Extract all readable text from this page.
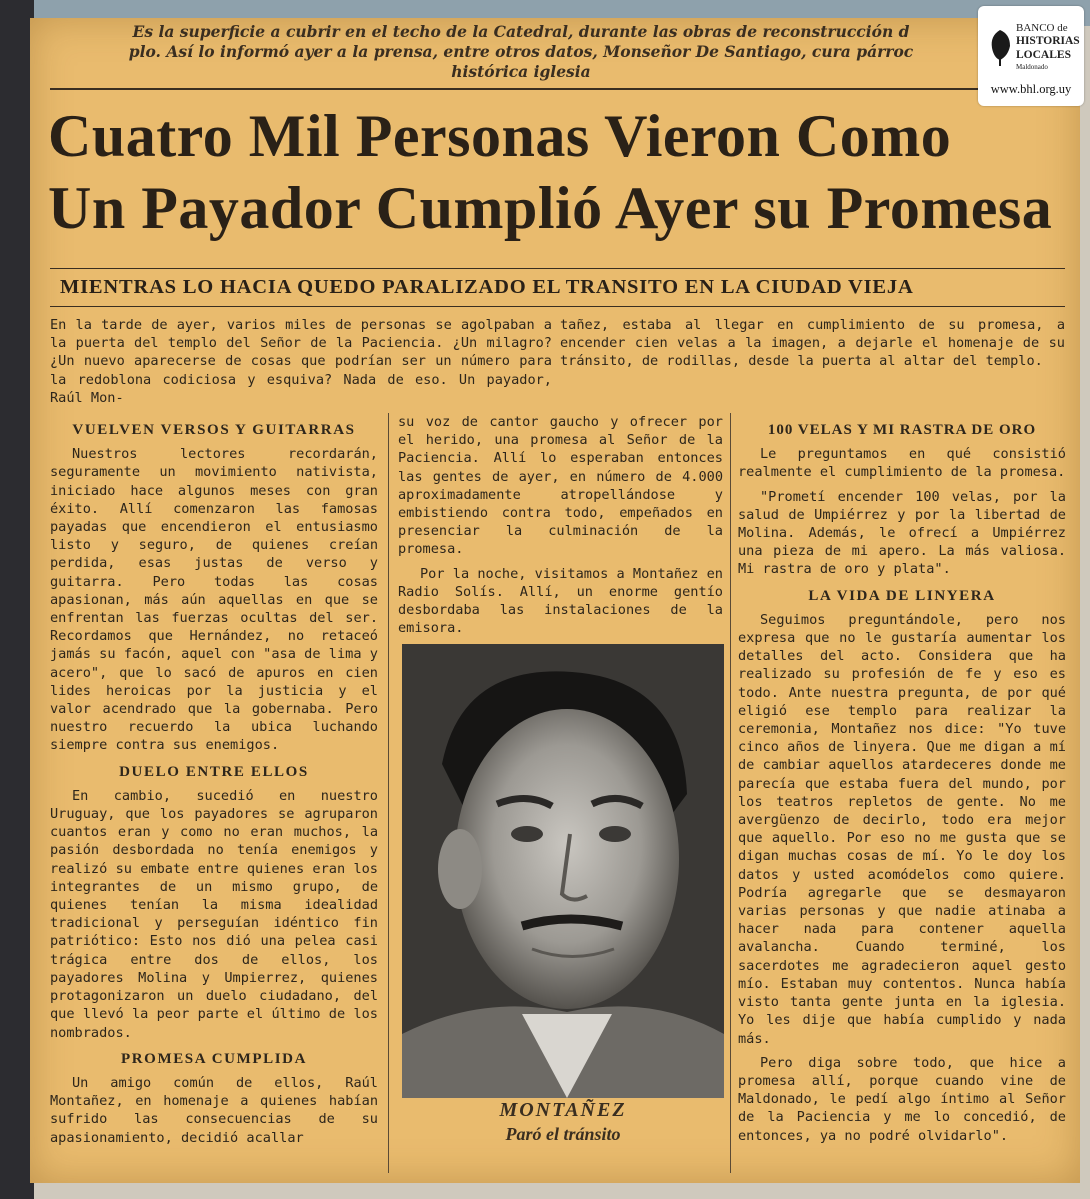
Es la superficie a cubrir en el techo de la Catedral, durante las obras de reconstrucción d
plo. Así lo informó ayer a la prensa, entre otros datos, Monseñor De Santiago, cura párroc
histórica iglesia
Cuatro Mil Personas Vieron Como
Un Payador Cumplió Ayer su Promesa
MIENTRAS LO HACIA QUEDO PARALIZADO EL TRANSITO EN LA CIUDAD VIEJA
En la tarde de ayer, varios miles de personas se agolpaban a la puerta del templo del Señor de la Paciencia. ¿Un milagro? ¿Un nuevo aparecerse de cosas que podrían ser un número para la redoblona codiciosa y esquiva? Nada de eso. Un payador, Raúl Mon-
tañez, estaba al llegar en cumplimiento de su promesa, a encender cien velas a la imagen, a dejarle el homenaje de su tránsito, de rodillas, desde la puerta al altar del templo.
VUELVEN VERSOS Y GUITARRAS
Nuestros lectores recordarán, seguramente un movimiento nativista, iniciado hace algunos meses con gran éxito. Allí comenzaron las famosas payadas que encendieron el entusiasmo listo y seguro, de quienes creían perdida, esas justas de verso y guitarra. Pero todas las cosas apasionan, más aún aquellas en que se enfrentan las fuerzas ocultas del ser. Recordamos que Hernández, no retaceó jamás su facón, aquel con "asa de lima y acero", que lo sacó de apuros en cien lides heroicas por la justicia y el valor acendrado que la gobernaba. Pero nuestro recuerdo la ubica luchando siempre contra sus enemigos.
DUELO ENTRE ELLOS
En cambio, sucedió en nuestro Uruguay, que los payadores se agruparon cuantos eran y como no eran muchos, la pasión desbordada no tenía enemigos y realizó su embate entre quienes eran los integrantes de un mismo grupo, de quienes tenían la misma idealidad tradicional y perseguían idéntico fin patriótico: Esto nos dió una pelea casi trágica entre dos de ellos, los payadores Molina y Umpierrez, quienes protagonizaron un duelo ciudadano, del que llevó la peor parte el último de los nombrados.
PROMESA CUMPLIDA
Un amigo común de ellos, Raúl Montañez, en homenaje a quienes habían sufrido las consecuencias de su apasionamiento, decidió acallar
su voz de cantor gaucho y ofrecer por el herido, una promesa al Señor de la Paciencia. Allí lo esperaban entonces las gentes de ayer, en número de 4.000 aproximadamente atropellándose y embistiendo contra todo, empeñados en presenciar la culminación de la promesa.
Por la noche, visitamos a Montañez en Radio Solís. Allí, un enorme gentío desbordaba las instalaciones de la emisora.
MONTAÑEZ
Paró el tránsito
100 VELAS Y MI RASTRA DE ORO
Le preguntamos en qué consistió realmente el cumplimiento de la promesa.
"Prometí encender 100 velas, por la salud de Umpiérrez y por la libertad de Molina. Además, le ofrecí a Umpiérrez una pieza de mi apero. La más valiosa. Mi rastra de oro y plata".
LA VIDA DE LINYERA
Seguimos preguntándole, pero nos expresa que no le gustaría aumentar los detalles del acto. Considera que ha realizado su profesión de fe y eso es todo. Ante nuestra pregunta, de por qué eligió ese templo para realizar la ceremonia, Montañez nos dice: "Yo tuve cinco años de linyera. Que me digan a mí de cambiar aquellos atardeceres donde me parecía que estaba fuera del mundo, por los teatros repletos de gente. No me avergüenzo de decirlo, todo era mejor que aquello. Por eso no me gusta que se digan muchas cosas de mí. Yo le doy los datos y usted acomódelos como quiere. Podría agregarle que se desmayaron varias personas y que nadie atinaba a hacer nada para contener aquella avalancha. Cuando terminé, los sacerdotes me agradecieron aquel gesto mío. Estaban muy contentos. Nunca había visto tanta gente junta en la iglesia. Yo les dije que había cumplido y nada más.
Pero diga sobre todo, que hice a promesa allí, porque cuando vine de Maldonado, le pedí algo íntimo al Señor de la Paciencia y me lo concedió, de entonces, ya no podré olvidarlo".
BANCO de
HISTORIAS
LOCALES
Maldonado
www.bhl.org.uy
